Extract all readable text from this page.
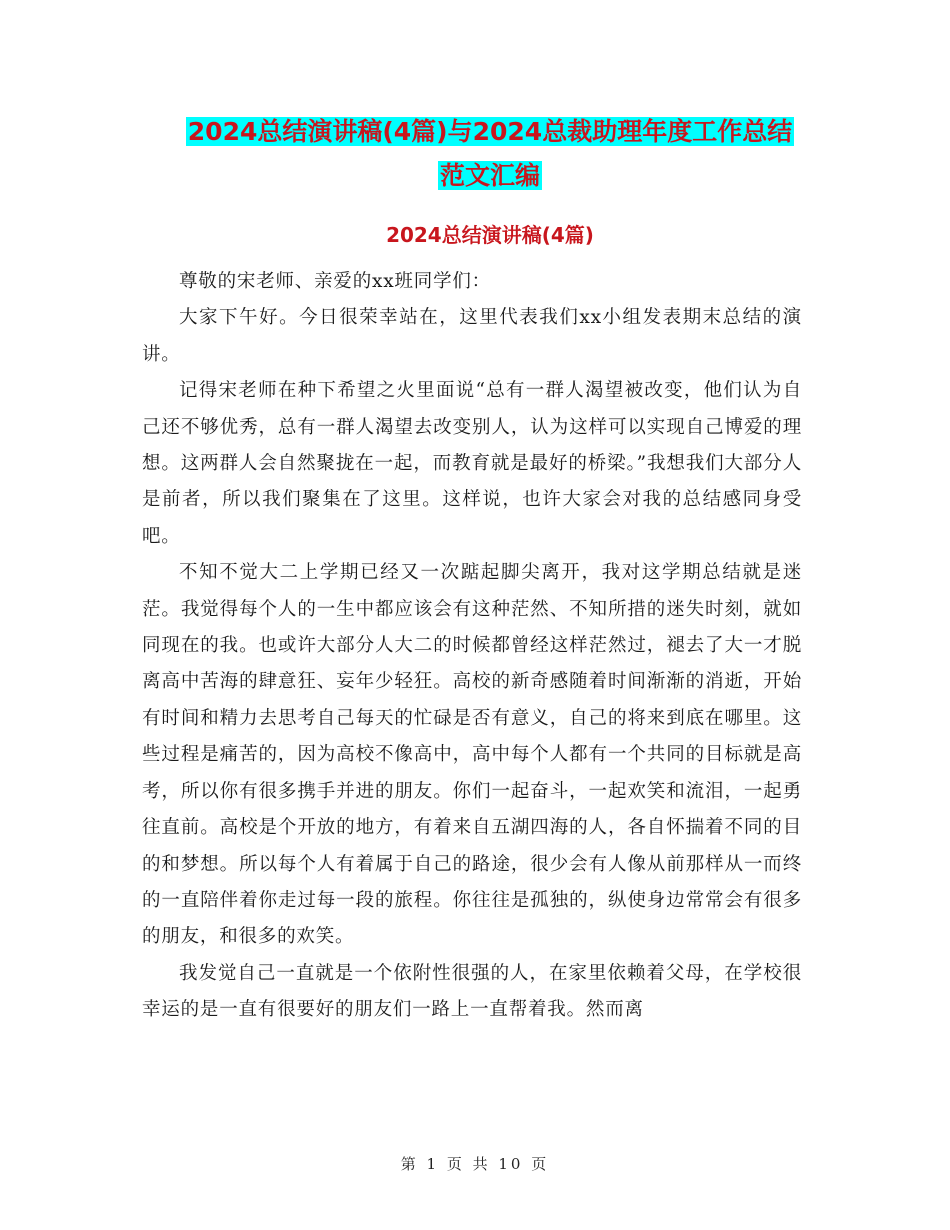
2024总结演讲稿(4篇)与2024总裁助理年度工作总结
范文汇编
2024总结演讲稿(4篇)

尊敬的宋老师、亲爱的xx班同学们：

大家下午好。今日很荣幸站在，这里代表我们xx小组发表期末总结的演讲。

记得宋老师在种下希望之火里面说“总有一群人渴望被改变，他们认为自己还不够优秀，总有一群人渴望去改变别人，认为这样可以实现自己博爱的理想。这两群人会自然聚拢在一起，而教育就是最好的桥梁。”我想我们大部分人是前者，所以我们聚集在了这里。这样说，也许大家会对我的总结感同身受吧。

不知不觉大二上学期已经又一次踮起脚尖离开，我对这学期总结就是迷茫。我觉得每个人的一生中都应该会有这种茫然、不知所措的迷失时刻，就如同现在的我。也或许大部分人大二的时候都曾经这样茫然过，褪去了大一才脱离高中苦海的肆意狂、妄年少轻狂。高校的新奇感随着时间渐渐的消逝，开始有时间和精力去思考自己每天的忙碌是否有意义，自己的将来到底在哪里。这些过程是痛苦的，因为高校不像高中，高中每个人都有一个共同的目标就是高考，所以你有很多携手并进的朋友。你们一起奋斗，一起欢笑和流泪，一起勇往直前。高校是个开放的地方，有着来自五湖四海的人，各自怀揣着不同的目的和梦想。所以每个人有着属于自己的路途，很少会有人像从前那样从一而终的一直陪伴着你走过每一段的旅程。你往往是孤独的，纵使身边常常会有很多的朋友，和很多的欢笑。

我发觉自己一直就是一个依附性很强的人，在家里依赖着父母，在学校很幸运的是一直有很要好的朋友们一路上一直帮着我。然而离

第 1 页 共 10 页
